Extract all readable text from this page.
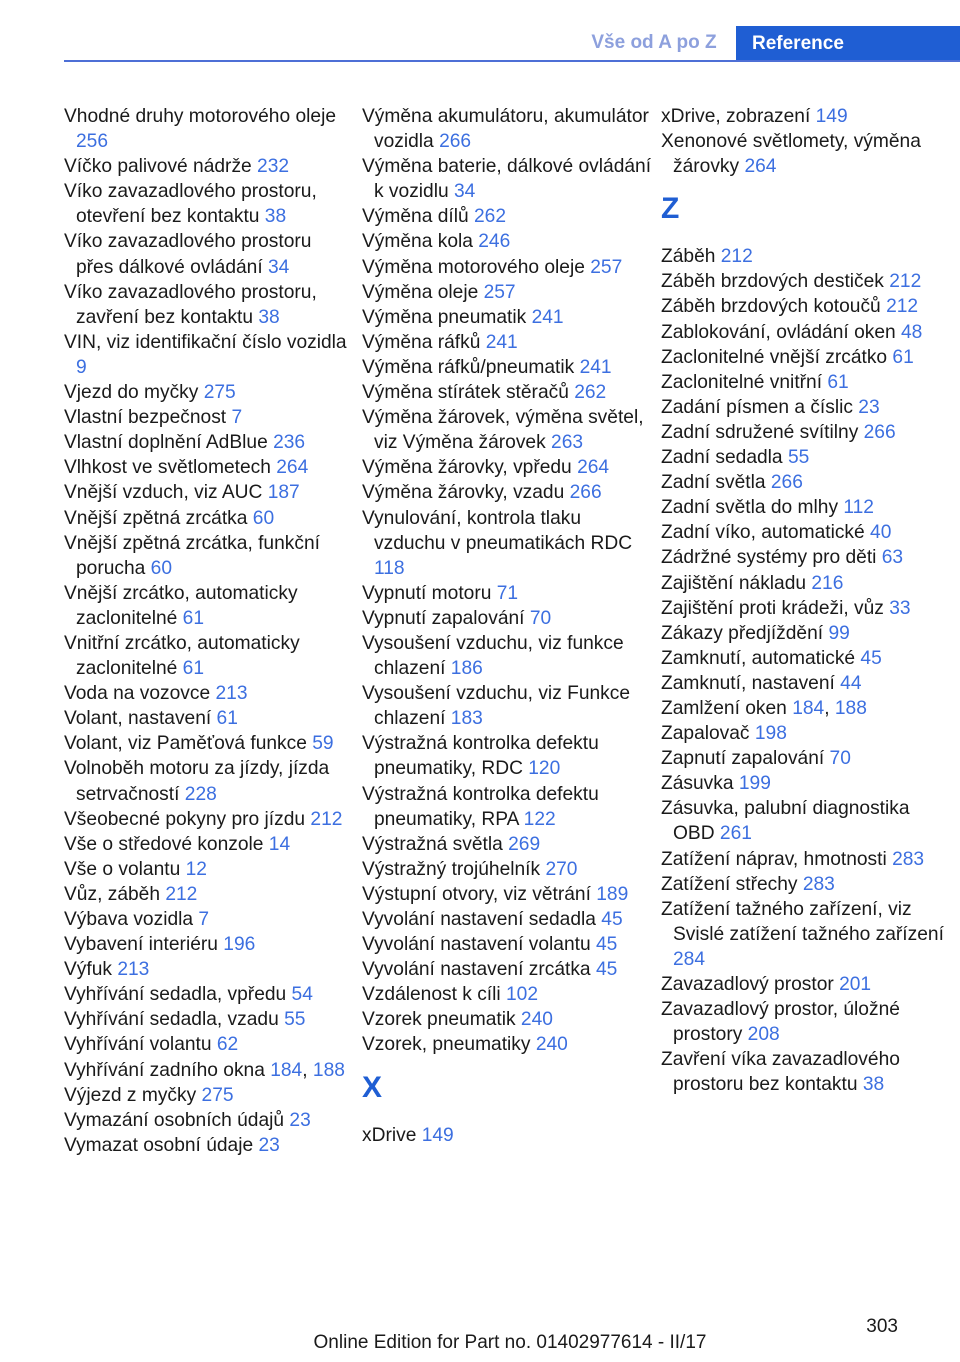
Vše od A po Z	Reference
Vhodné druhy motorového oleje 256
Víčko palivové nádrže 232
Víko zavazadlového prostoru, otevření bez kontaktu 38
Víko zavazadlového prostoru přes dálkové ovládání 34
Víko zavazadlového prostoru, zavření bez kontaktu 38
VIN, viz identifikační číslo vozidla 9
Vjezd do myčky 275
Vlastní bezpečnost 7
Vlastní doplnění AdBlue 236
Vlhkost ve světlometech 264
Vnější vzduch, viz AUC 187
Vnější zpětná zrcátka 60
Vnější zpětná zrcátka, funkční porucha 60
Vnější zrcátko, automaticky zaclonitelné 61
Vnitřní zrcátko, automaticky zaclonitelné 61
Voda na vozovce 213
Volant, nastavení 61
Volant, viz Paměťová funkce 59
Volnoběh motoru za jízdy, jízda setrvačností 228
Všeobecné pokyny pro jízdu 212
Vše o středové konzole 14
Vše o volantu 12
Vůz, záběh 212
Výbava vozidla 7
Vybavení interiéru 196
Výfuk 213
Vyhřívání sedadla, vpředu 54
Vyhřívání sedadla, vzadu 55
Vyhřívání volantu 62
Vyhřívání zadního okna 184, 188
Výjezd z myčky 275
Vymazání osobních údajů 23
Vymazat osobní údaje 23
Výměna akumulátoru, akumulátor vozidla 266
Výměna baterie, dálkové ovládání k vozidlu 34
Výměna dílů 262
Výměna kola 246
Výměna motorového oleje 257
Výměna oleje 257
Výměna pneumatik 241
Výměna ráfků 241
Výměna ráfků/pneumatik 241
Výměna stírátek stěračů 262
Výměna žárovek, výměna světel, viz Výměna žárovek 263
Výměna žárovky, vpředu 264
Výměna žárovky, vzadu 266
Vynulování, kontrola tlaku vzduchu v pneumatikách RDC 118
Vypnutí motoru 71
Vypnutí zapalování 70
Vysoušení vzduchu, viz funkce chlazení 186
Vysoušení vzduchu, viz Funkce chlazení 183
Výstražná kontrolka defektu pneumatiky, RDC 120
Výstražná kontrolka defektu pneumatiky, RPA 122
Výstražná světla 269
Výstražný trojúhelník 270
Výstupní otvory, viz větrání 189
Vyvolání nastavení sedadla 45
Vyvolání nastavení volantu 45
Vyvolání nastavení zrcátka 45
Vzdálenost k cíli 102
Vzorek pneumatik 240
Vzorek, pneumatiky 240
X
xDrive 149
xDrive, zobrazení 149
Xenonové světlomety, výměna žárovky 264
Z
Záběh 212
Záběh brzdových destiček 212
Záběh brzdových kotoučů 212
Zablokování, ovládání oken 48
Zaclonitelné vnější zrcátko 61
Zaclonitelné vnitřní 61
Zadání písmen a číslic 23
Zadní sdružené svítilny 266
Zadní sedadla 55
Zadní světla 266
Zadní světla do mlhy 112
Zadní víko, automatické 40
Zádržné systémy pro děti 63
Zajištění nákladu 216
Zajištění proti krádeži, vůz 33
Zákazy předjíždění 99
Zamknutí, automatické 45
Zamknutí, nastavení 44
Zamlžení oken 184, 188
Zapalovač 198
Zapnutí zapalování 70
Zásuvka 199
Zásuvka, palubní diagnostika OBD 261
Zatížení náprav, hmotnosti 283
Zatížení střechy 283
Zatížení tažného zařízení, viz Svislé zatížení tažného zařízení 284
Zavazadlový prostor 201
Zavazadlový prostor, úložné prostory 208
Zavření víka zavazadlového prostoru bez kontaktu 38
303
Online Edition for Part no. 01402977614 - II/17
